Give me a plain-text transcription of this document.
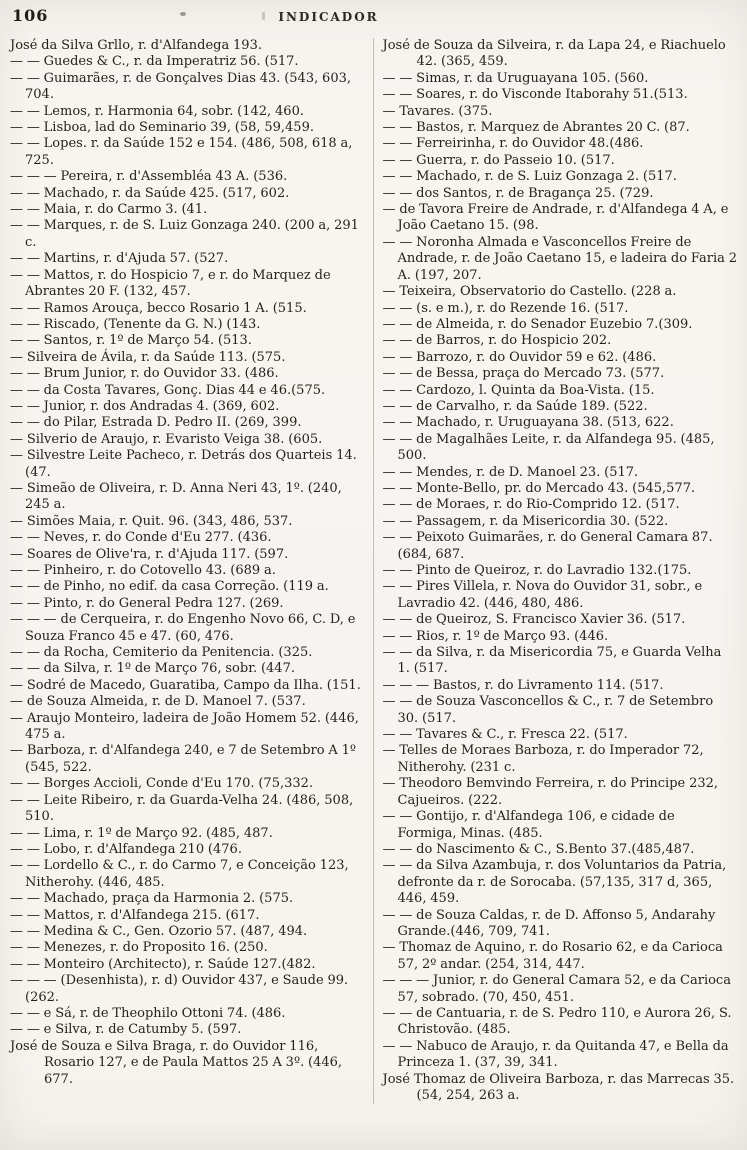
106	INDICADOR

José da Silva Grllo, r. d'Alfandega 193.

— — Guedes & C., r. da Imperatriz 56. (517.

— — Guimarães, r. de Gonçalves Dias 43. (543, 603, 704.

— — Lemos, r. Harmonia 64, sobr. (142, 460.

— — Lisboa, lad do Seminario 39, (58, 59,459.

— — Lopes. r. da Saúde 152 e 154. (486, 508, 618 a, 725.

— — — Pereira, r. d'Assembléa 43 A. (536.

— — Machado, r. da Saúde 425. (517, 602.

— — Maia, r. do Carmo 3. (41.

— — Marques, r. de S. Luiz Gonzaga 240. (200 a, 291 c.

— — Martins, r. d'Ajuda 57. (527.

— — Mattos, r. do Hospicio 7, e r. do Marquez de Abrantes 20 F. (132, 457.

— — Ramos Arouça, becco Rosario 1 A. (515.

— — Riscado, (Tenente da G. N.) (143.

— — Santos, r. 1º de Março 54. (513.

— Silveira de Ávila, r. da Saúde 113. (575.

— — Brum Junior, r. do Ouvidor 33. (486.

— — da Costa Tavares, Gonç. Dias 44 e 46.(575.

— — Junior, r. dos Andradas 4. (369, 602.

— — do Pilar, Estrada D. Pedro II. (269, 399.

— Silverio de Araujo, r. Evaristo Veiga 38. (605.

— Silvestre Leite Pacheco, r. Detrás dos Quarteis 14. (47.

— Simeão de Oliveira, r. D. Anna Neri 43, 1º. (240, 245 a.

— Simões Maia, r. Quit. 96. (343, 486, 537.

— — Neves, r. do Conde d'Eu 277. (436.

— Soares de Olive'ra, r. d'Ajuda 117. (597.

— — Pinheiro, r. do Cotovello 43. (689 a.

— — de Pinho, no edif. da casa Correção. (119 a.

— — Pinto, r. do General Pedra 127. (269.

— — — de Cerqueira, r. do Engenho Novo 66, C. D, e Souza Franco 45 e 47. (60, 476.

— — da Rocha, Cemiterio da Penitencia. (325.

— — da Silva, r. 1º de Março 76, sobr. (447.

— Sodré de Macedo, Guaratiba, Campo da Ilha. (151.

— de Souza Almeida, r. de D. Manoel 7. (537.

— Araujo Monteiro, ladeira de João Homem 52. (446, 475 a.

— Barboza, r. d'Alfandega 240, e 7 de Setembro A 1º (545, 522.

— — Borges Accioli, Conde d'Eu 170. (75,332.

— — Leite Ribeiro, r. da Guarda-Velha 24. (486, 508, 510.

— — Lima, r. 1º de Março 92. (485, 487.

— — Lobo, r. d'Alfandega 210 (476.

— — Lordello & C., r. do Carmo 7, e Conceição 123, Nitherohy. (446, 485.

— — Machado, praça da Harmonia 2. (575.

— — Mattos, r. d'Alfandega 215. (617.

— — Medina & C., Gen. Ozorio 57. (487, 494.

— — Menezes, r. do Proposito 16. (250.

— — Monteiro (Architecto), r. Saúde 127.(482.

— — — (Desenhista), r. d) Ouvidor 437, e Saude 99. (262.

— — e Sá, r. de Theophilo Ottoni 74. (486.

— — e Silva, r. de Catumby 5. (597.

José de Souza e Silva Braga, r. do Ouvidor 116, Rosario 127, e de Paula Mattos 25 A 3º. (446, 677.

José de Souza da Silveira, r. da Lapa 24, e Riachuelo 42. (365, 459.

— — Simas, r. da Uruguayana 105. (560.

— — Soares, r. do Visconde Itaborahy 51.(513.

— Tavares. (375.

— — Bastos, r. Marquez de Abrantes 20 C. (87.

— — Ferreirinha, r. do Ouvidor 48.(486.

— — Guerra, r. do Passeio 10. (517.

— — Machado, r. de S. Luiz Gonzaga 2. (517.

— — dos Santos, r. de Bragança 25. (729.

— de Tavora Freire de Andrade, r. d'Alfandega 4 A, e João Caetano 15. (98.

— — Noronha Almada e Vasconcellos Freire de Andrade, r. de João Caetano 15, e ladeira do Faria 2 A. (197, 207.

— Teixeira, Observatorio do Castello. (228 a.

— — (s. e m.), r. do Rezende 16. (517.

— — de Almeida, r. do Senador Euzebio 7.(309.

— — de Barros, r. do Hospicio 202.

— — Barrozo, r. do Ouvidor 59 e 62. (486.

— — de Bessa, praça do Mercado 73. (577.

— — Cardozo, l. Quinta da Boa-Vista. (15.

— — de Carvalho, r. da Saúde 189. (522.

— — Machado, r. Uruguayana 38. (513, 622.

— — de Magalhães Leite, r. da Alfandega 95. (485, 500.

— — Mendes, r. de D. Manoel 23. (517.

— — Monte-Bello, pr. do Mercado 43. (545,577.

— — de Moraes, r. do Rio-Comprido 12. (517.

— — Passagem, r. da Misericordia 30. (522.

— — Peixoto Guimarães, r. do General Camara 87. (684, 687.

— — Pinto de Queiroz, r. do Lavradio 132.(175.

— — Pires Villela, r. Nova do Ouvidor 31, sobr., e Lavradio 42. (446, 480, 486.

— — de Queiroz, S. Francisco Xavier 36. (517.

— — Rios, r. 1º de Março 93. (446.

— — da Silva, r. da Misericordia 75, e Guarda Velha 1. (517.

— — — Bastos, r. do Livramento 114. (517.

— — de Souza Vasconcellos & C., r. 7 de Setembro 30. (517.

— — Tavares & C., r. Fresca 22. (517.

— Telles de Moraes Barboza, r. do Imperador 72, Nitherohy. (231 c.

— Theodoro Bemvindo Ferreira, r. do Principe 232, Cajueiros. (222.

— — Gontijo, r. d'Alfandega 106, e cidade de Formiga, Minas. (485.

— — do Nascimento & C., S.Bento 37.(485,487.

— — da Silva Azambuja, r. dos Voluntarios da Patria, defronte da r. de Sorocaba. (57,135, 317 d, 365, 446, 459.

— — de Souza Caldas, r. de D. Affonso 5, Andarahy Grande.(446, 709, 741.

— Thomaz de Aquino, r. do Rosario 62, e da Carioca 57, 2º andar. (254, 314, 447.

— — — Junior, r. do General Camara 52, e da Carioca 57, sobrado. (70, 450, 451.

— — de Cantuaria, r. de S. Pedro 110, e Aurora 26, S. Christovão. (485.

— — Nabuco de Araujo, r. da Quitanda 47, e Bella da Princeza 1. (37, 39, 341.

José Thomaz de Oliveira Barboza, r. das Marrecas 35. (54, 254, 263 a.
